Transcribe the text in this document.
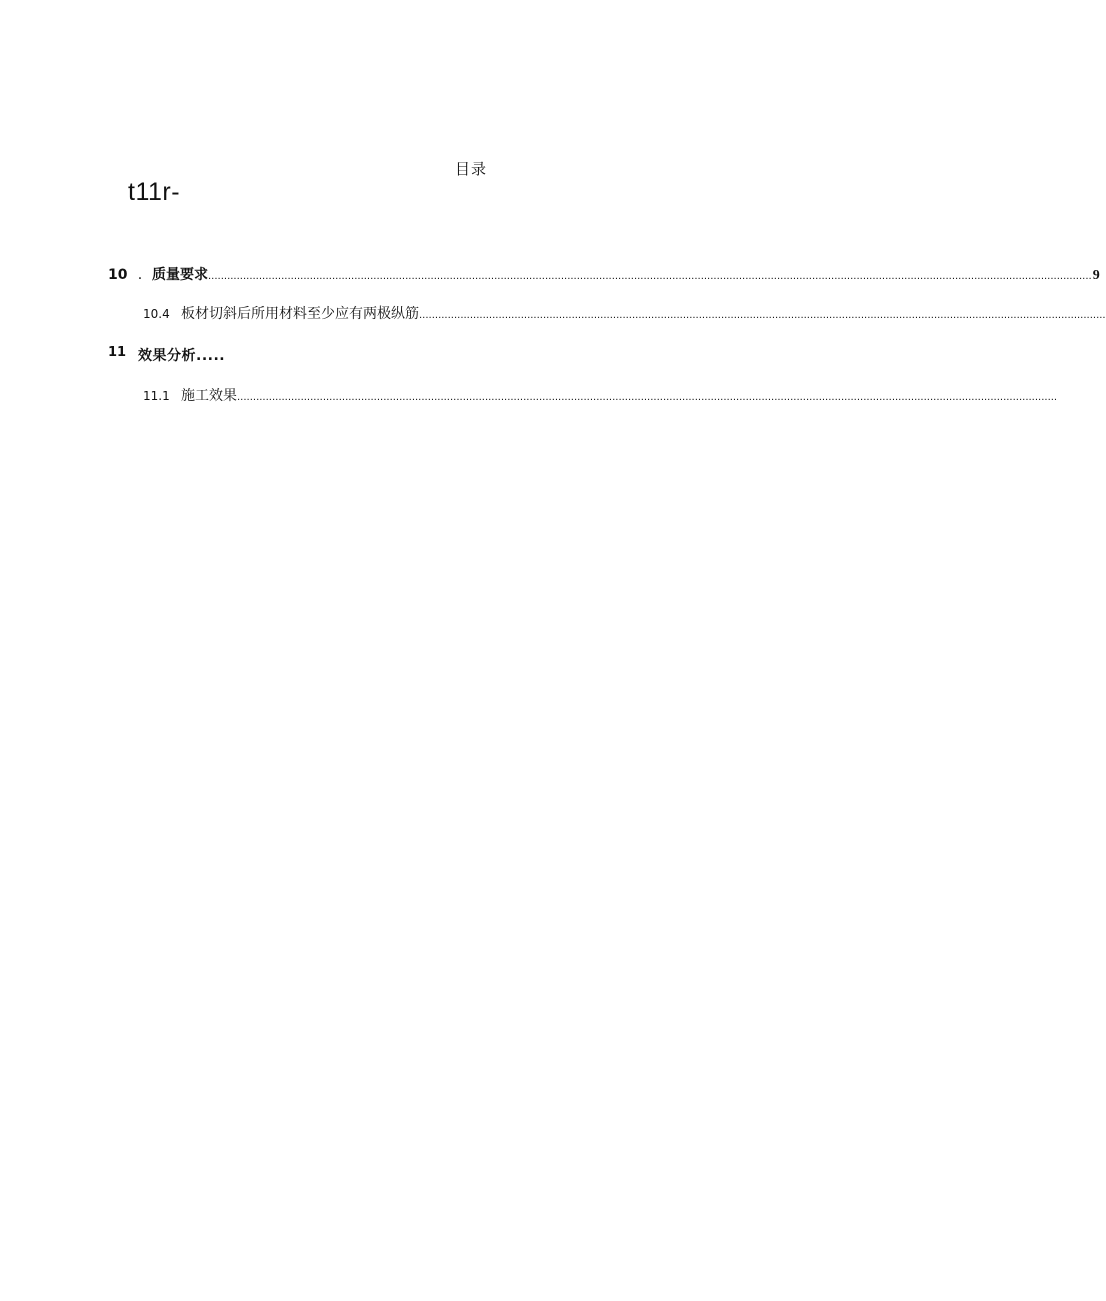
目录
t11r-
10 . 质量要求 ...................................................................................................................................................................................................................................................................................... 9
10.4 板材切斜后所用材料至少应有两极纵筋 ........................................................................................................................................................................................................................
11 效果分析.....
11.1 施工效果 ..................................................................................................................................................................................................................................................................
